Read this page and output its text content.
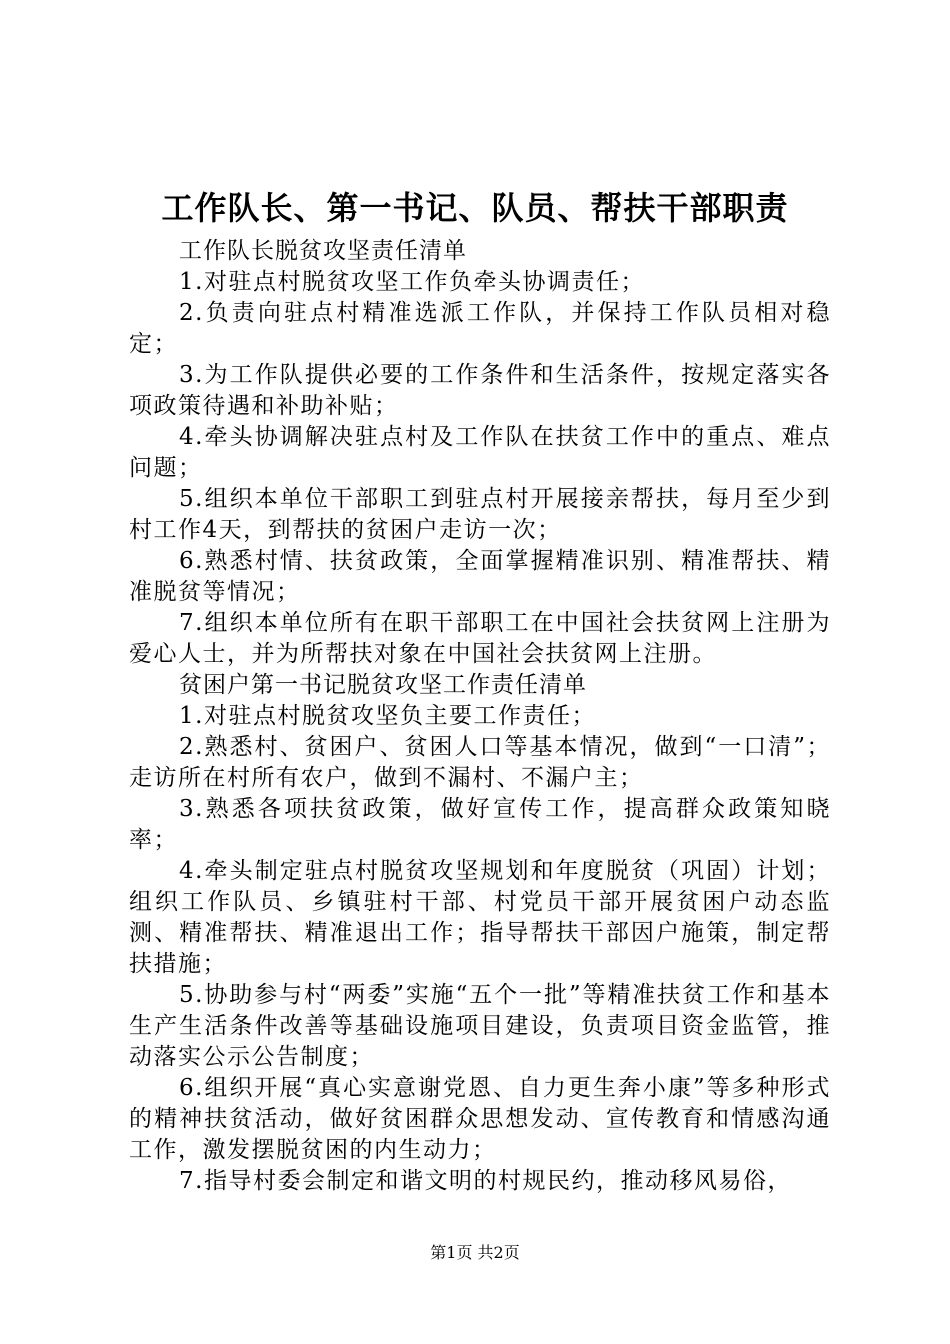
工作队长、第一书记、队员、帮扶干部职责

工作队长脱贫攻坚责任清单

1.对驻点村脱贫攻坚工作负牵头协调责任；

2.负责向驻点村精准选派工作队，并保持工作队员相对稳定；

3.为工作队提供必要的工作条件和生活条件，按规定落实各项政策待遇和补助补贴；

4.牵头协调解决驻点村及工作队在扶贫工作中的重点、难点问题；

5.组织本单位干部职工到驻点村开展接亲帮扶，每月至少到村工作4天，到帮扶的贫困户走访一次；

6.熟悉村情、扶贫政策，全面掌握精准识别、精准帮扶、精准脱贫等情况；

7.组织本单位所有在职干部职工在中国社会扶贫网上注册为爱心人士，并为所帮扶对象在中国社会扶贫网上注册。

贫困户第一书记脱贫攻坚工作责任清单

1.对驻点村脱贫攻坚负主要工作责任；

2.熟悉村、贫困户、贫困人口等基本情况，做到“一口清”；走访所在村所有农户，做到不漏村、不漏户主；

3.熟悉各项扶贫政策，做好宣传工作，提高群众政策知晓率；

4.牵头制定驻点村脱贫攻坚规划和年度脱贫（巩固）计划；组织工作队员、乡镇驻村干部、村党员干部开展贫困户动态监测、精准帮扶、精准退出工作；指导帮扶干部因户施策，制定帮扶措施；

5.协助参与村“两委”实施“五个一批”等精准扶贫工作和基本生产生活条件改善等基础设施项目建设，负责项目资金监管，推动落实公示公告制度；

6.组织开展“真心实意谢党恩、自力更生奔小康”等多种形式的精神扶贫活动，做好贫困群众思想发动、宣传教育和情感沟通工作，激发摆脱贫困的内生动力；

7.指导村委会制定和谐文明的村规民约，推动移风易俗，

第1页 共2页
